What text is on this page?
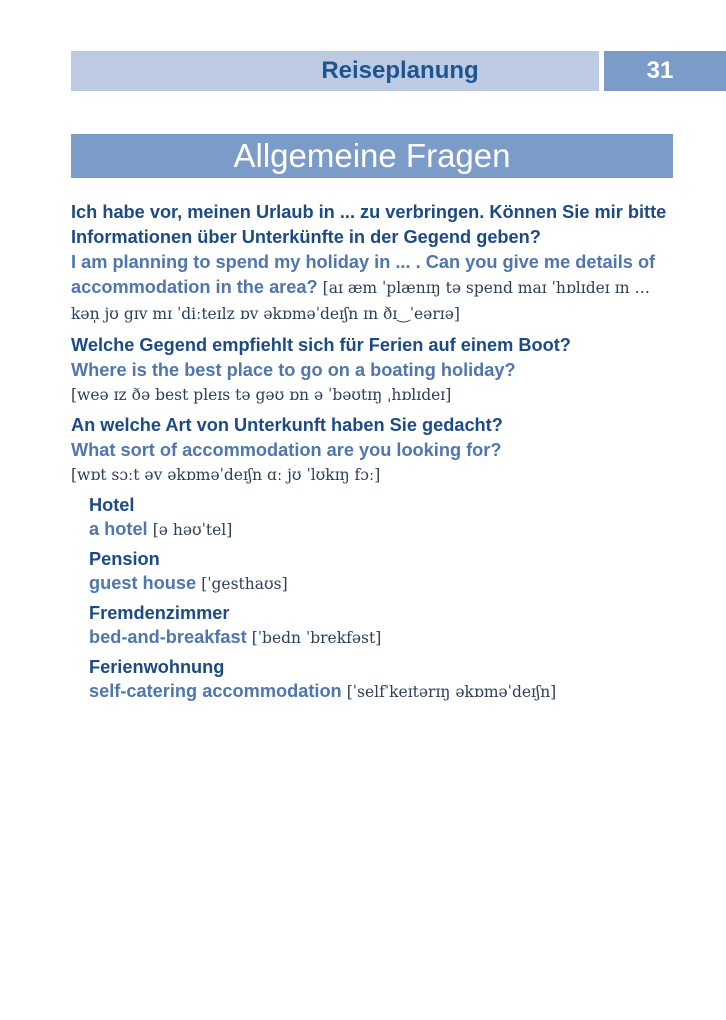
Reiseplanung	31
Allgemeine Fragen
Ich habe vor, meinen Urlaub in ... zu verbringen. Können Sie mir bitte Informationen über Unterkünfte in der Gegend geben?
I am planning to spend my holiday in ... . Can you give me details of accommodation in the area? [aɪ æm ˈplænɪŋ tə spend maɪ ˈhɒlɪdeɪ ɪn … kən̩ jʊ gɪv mɪ ˈdiːteɪlz ɒv əkɒməˈdeɪʃn ɪn ðɪ‿ˈeərɪə]
Welche Gegend empfiehlt sich für Ferien auf einem Boot?
Where is the best place to go on a boating holiday?
[weə ɪz ðə best pleɪs tə gəʊ ɒn ə ˈbəʊtɪŋ ˌhɒlɪdeɪ]
An welche Art von Unterkunft haben Sie gedacht?
What sort of accommodation are you looking for?
[wɒt sɔːt əv əkɒməˈdeɪʃn ɑː jʊ ˈlʊkɪŋ fɔː]
Hotel
a hotel [ə həʊˈtel]
Pension
guest house [ˈgesthaʊs]
Fremdenzimmer
bed-and-breakfast [ˈbedn ˈbrekfəst]
Ferienwohnung
self-catering accommodation [ˈselfˈkeɪtərɪŋ əkɒməˈdeɪʃn]
